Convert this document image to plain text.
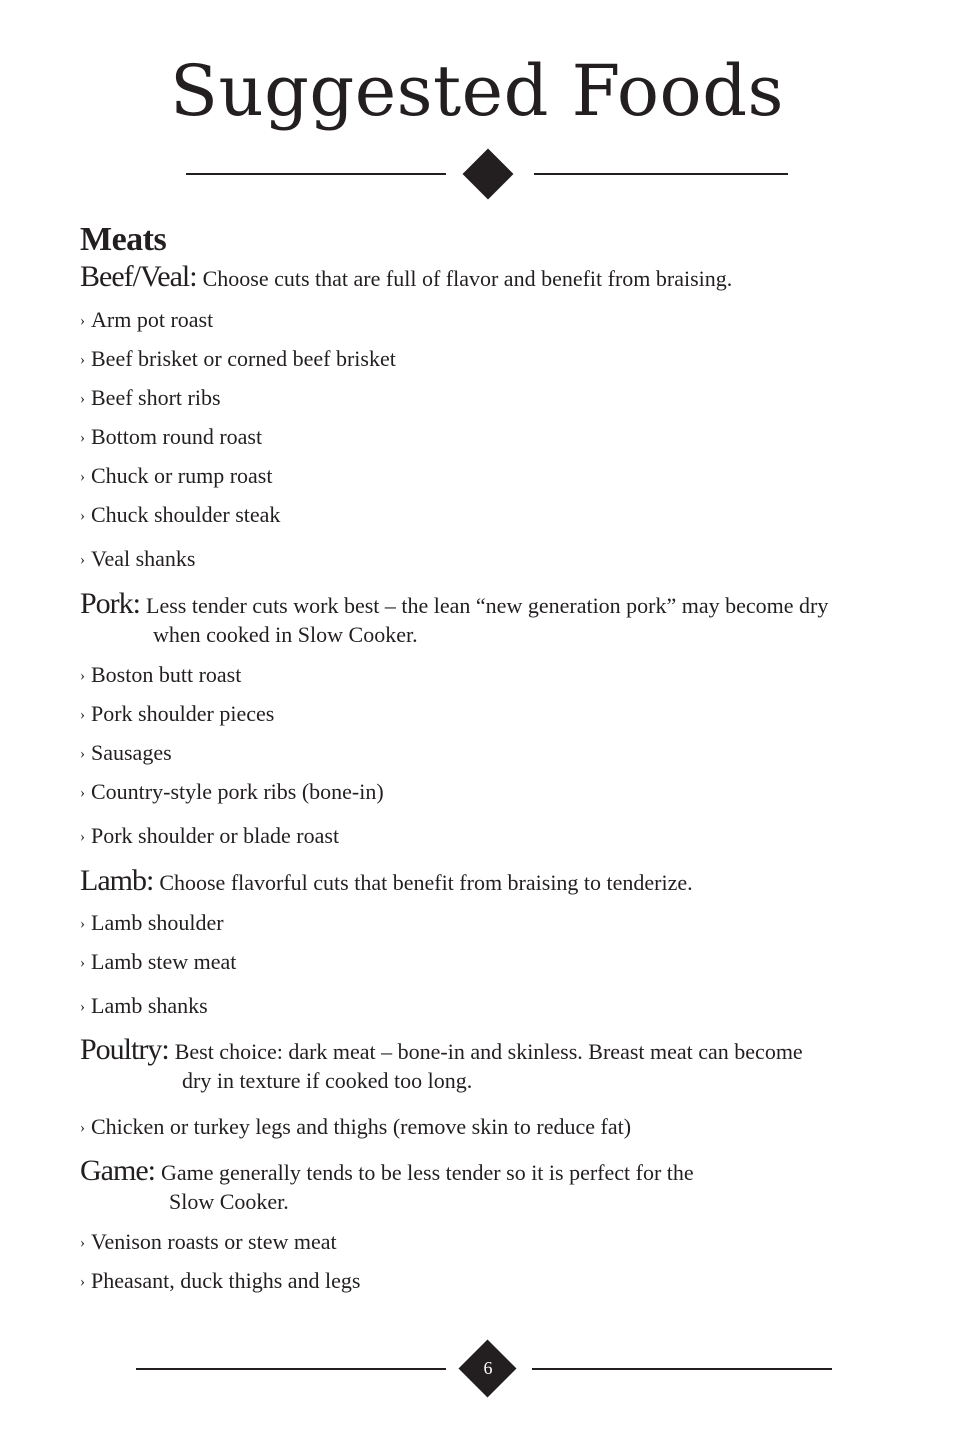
Suggested Foods
Meats
Beef/Veal: Choose cuts that are full of flavor and benefit from braising.
› Arm pot roast
› Beef brisket or corned beef brisket
› Beef short ribs
› Bottom round roast
› Chuck or rump roast
› Chuck shoulder steak
› Veal shanks
Pork: Less tender cuts work best – the lean “new generation pork” may become dry
when cooked in Slow Cooker.
› Boston butt roast
› Pork shoulder pieces
› Sausages
› Country-style pork ribs (bone-in)
› Pork shoulder or blade roast
Lamb: Choose flavorful cuts that benefit from braising to tenderize.
› Lamb shoulder
› Lamb stew meat
› Lamb shanks
Poultry: Best choice: dark meat – bone-in and skinless. Breast meat can become
dry in texture if cooked too long.
› Chicken or turkey legs and thighs (remove skin to reduce fat)
Game: Game generally tends to be less tender so it is perfect for the
Slow Cooker.
› Venison roasts or stew meat
› Pheasant, duck thighs and legs
6
